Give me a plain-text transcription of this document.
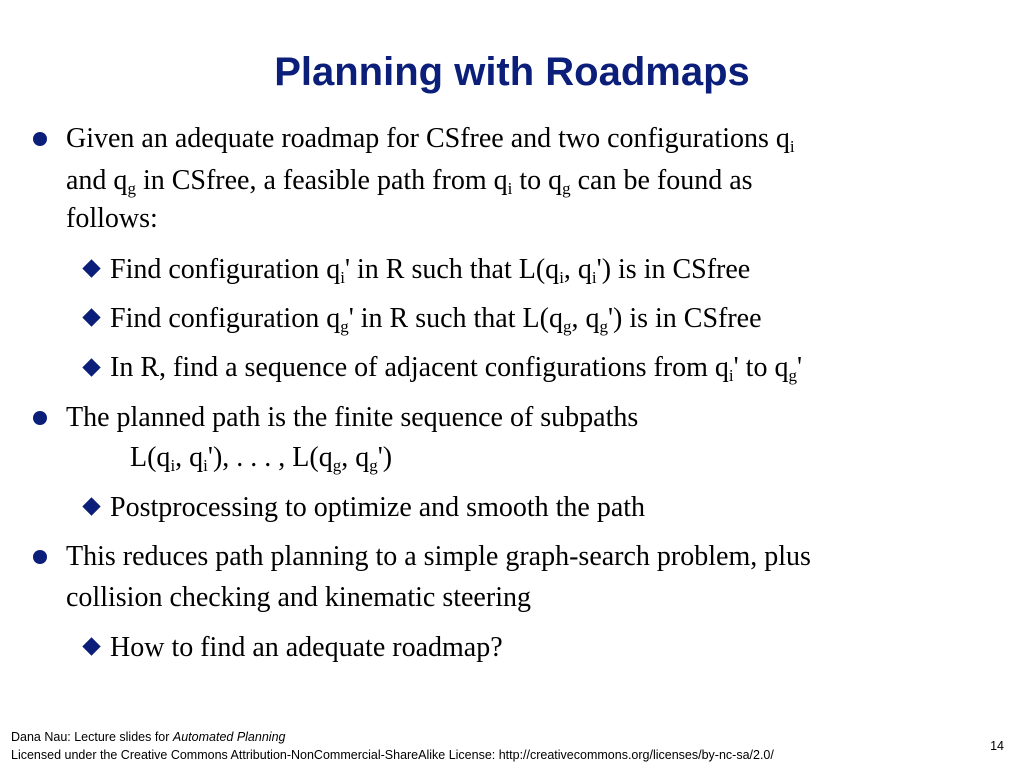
Planning with Roadmaps
Given an adequate roadmap for CSfree and two configurations $q_i$
and $q_g$ in CSfree, a feasible path from $q_i$ to $q_g$ can be found as
follows:
Find configuration $q_i'$ in R such that $L(q_i$, $q_i'$) is in CSfree
Find configuration $q_g'$ in R such that $L(q_g$, $q_g'$) is in CSfree
In R, find a sequence of adjacent configurations from $q_i'$ to $q_g'$
The planned path is the finite sequence of subpaths
$L(q_i$, $q_i'$), . . . , $L(q_g$, $q_g'$)
Postprocessing to optimize and smooth the path
This reduces path planning to a simple graph-search problem, plus
collision checking and kinematic steering
How to find an adequate roadmap?
Dana Nau: Lecture slides for Automated Planning
Licensed under the Creative Commons Attribution-NonCommercial-ShareAlike License: http://creativecommons.org/licenses/by-nc-sa/2.0/
14
